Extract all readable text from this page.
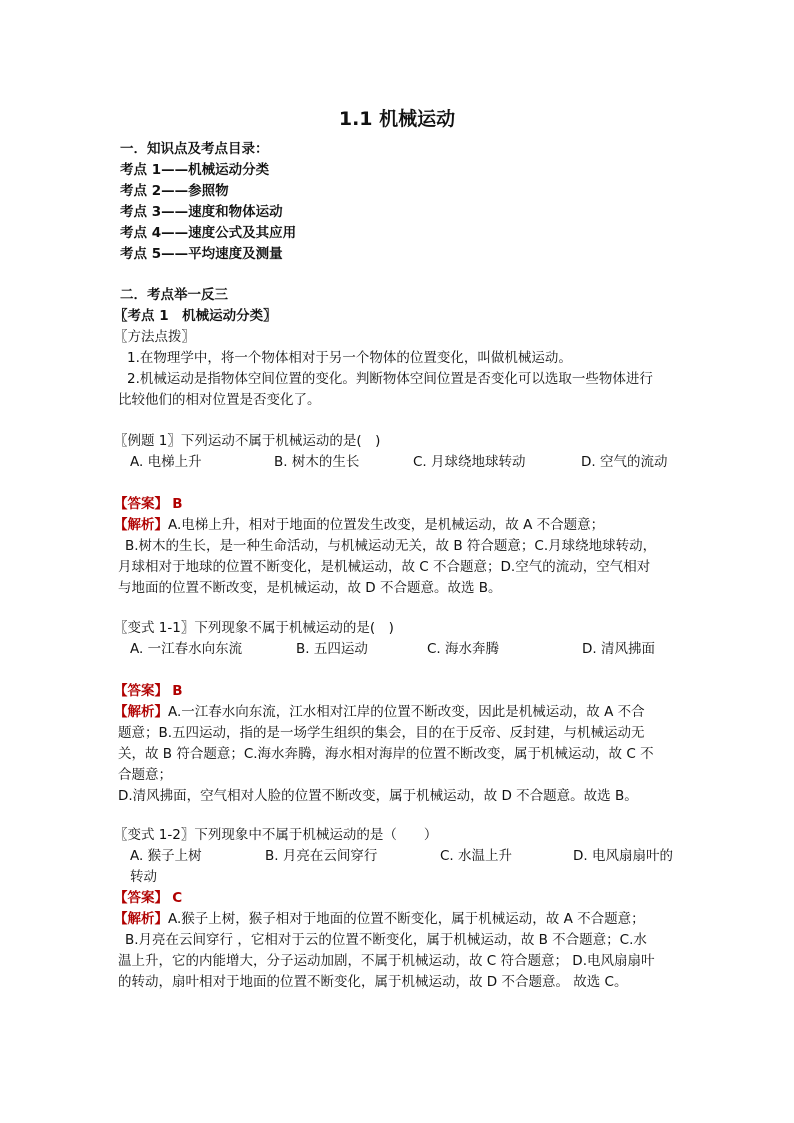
1.1 机械运动
一．知识点及考点目录：
考点 1——机械运动分类
考点 2——参照物
考点 3——速度和物体运动
考点 4——速度公式及其应用
考点 5——平均速度及测量
二．考点举一反三
〖考点 1　机械运动分类〗
〖方法点拨〗
1.在物理学中，将一个物体相对于另一个物体的位置变化，叫做机械运动。
2.机械运动是指物体空间位置的变化。判断物体空间位置是否变化可以选取一些物体进行
比较他们的相对位置是否变化了。
〖例题 1〗下列运动不属于机械运动的是(　)
A. 电梯上升	B. 树木的生长	C. 月球绕地球转动	D. 空气的流动
【答案】 B
【解析】A.电梯上升，相对于地面的位置发生改变，是机械运动，故 A 不合题意；
B.树木的生长，是一种生命活动，与机械运动无关，故 B 符合题意；C.月球绕地球转动，
月球相对于地球的位置不断变化，是机械运动，故 C 不合题意；D.空气的流动，空气相对
与地面的位置不断改变，是机械运动，故 D 不合题意。故选 B。
〖变式 1-1〗下列现象不属于机械运动的是(　)
A. 一江春水向东流	B. 五四运动	C. 海水奔腾	D. 清风拂面
【答案】 B
【解析】A.一江春水向东流，江水相对江岸的位置不断改变，因此是机械运动，故 A 不合
题意；B.五四运动，指的是一场学生组织的集会，目的在于反帝、反封建，与机械运动无
关，故 B 符合题意；C.海水奔腾，海水相对海岸的位置不断改变，属于机械运动，故 C 不
合题意；
D.清风拂面，空气相对人脸的位置不断改变，属于机械运动，故 D 不合题意。故选 B。
〖变式 1-2〗下列现象中不属于机械运动的是（　　）
A. 猴子上树	B. 月亮在云间穿行	C. 水温上升	D. 电风扇扇叶的
转动
【答案】 C
【解析】A.猴子上树，猴子相对于地面的位置不断变化，属于机械运动，故 A 不合题意；
B.月亮在云间穿行 ，它相对于云的位置不断变化，属于机械运动，故 B 不合题意；C.水
温上升，它的内能增大，分子运动加剧，不属于机械运动，故 C 符合题意； D.电风扇扇叶
的转动，扇叶相对于地面的位置不断变化，属于机械运动，故 D 不合题意。 故选 C。
